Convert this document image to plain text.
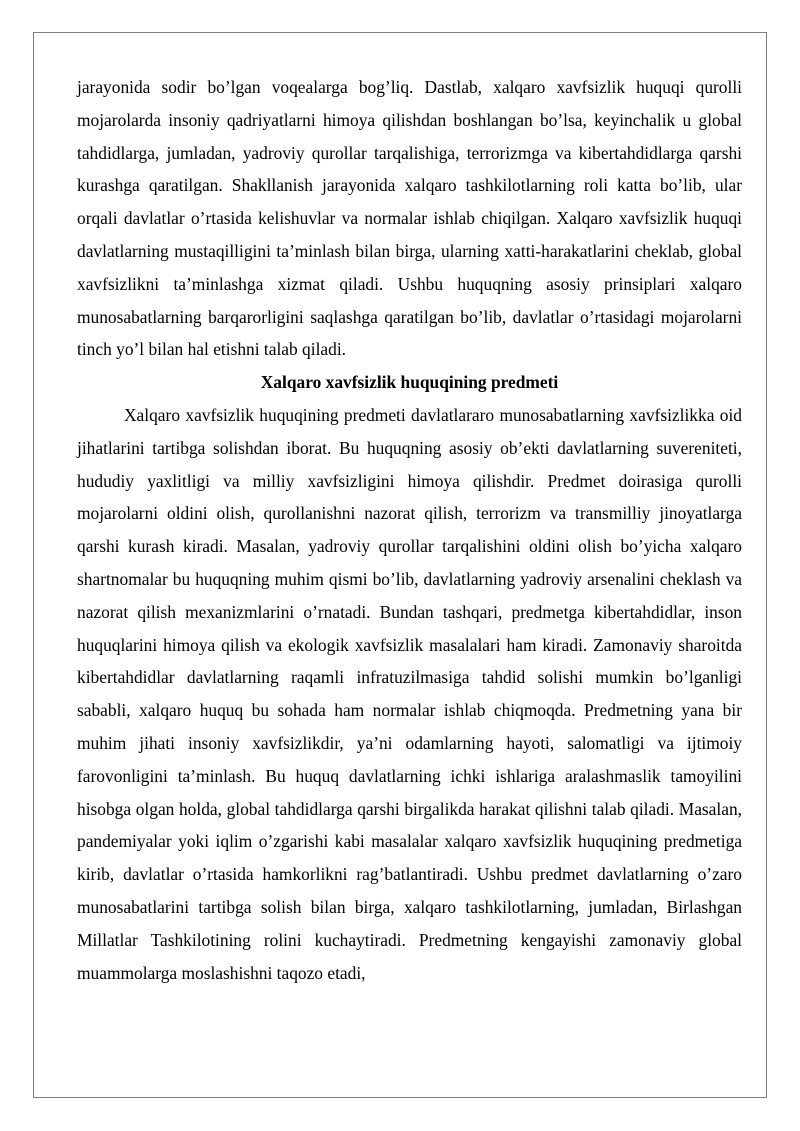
jarayonida sodir bo’lgan voqealarga bog’liq. Dastlab, xalqaro xavfsizlik huquqi qurolli mojarolarda insoniy qadriyatlarni himoya qilishdan boshlangan bo’lsa, keyinchalik u global tahdidlarga, jumladan, yadroviy qurollar tarqalishiga, terrorizmga va kibertahdidlarga qarshi kurashga qaratilgan. Shakllanish jarayonida xalqaro tashkilotlarning roli katta bo’lib, ular orqali davlatlar o’rtasida kelishuvlar va normalar ishlab chiqilgan. Xalqaro xavfsizlik huquqi davlatlarning mustaqilligini ta’minlash bilan birga, ularning xatti-harakatlarini cheklab, global xavfsizlikni ta’minlashga xizmat qiladi. Ushbu huquqning asosiy prinsiplari xalqaro munosabatlarning barqarorligini saqlashga qaratilgan bo’lib, davlatlar o’rtasidagi mojarolarni tinch yo’l bilan hal etishni talab qiladi.

Xalqaro xavfsizlik huquqining predmeti

Xalqaro xavfsizlik huquqining predmeti davlatlararo munosabatlarning xavfsizlikka oid jihatlarini tartibga solishdan iborat. Bu huquqning asosiy ob’ekti davlatlarning suvereniteti, hududiy yaxlitligi va milliy xavfsizligini himoya qilishdir. Predmet doirasiga qurolli mojarolarni oldini olish, qurollanishni nazorat qilish, terrorizm va transmilliy jinoyatlarga qarshi kurash kiradi. Masalan, yadroviy qurollar tarqalishini oldini olish bo’yicha xalqaro shartnomalar bu huquqning muhim qismi bo’lib, davlatlarning yadroviy arsenalini cheklash va nazorat qilish mexanizmlarini o’rnatadi. Bundan tashqari, predmetga kibertahdidlar, inson huquqlarini himoya qilish va ekologik xavfsizlik masalalari ham kiradi. Zamonaviy sharoitda kibertahdidlar davlatlarning raqamli infratuzilmasiga tahdid solishi mumkin bo’lganligi sababli, xalqaro huquq bu sohada ham normalar ishlab chiqmoqda. Predmetning yana bir muhim jihati insoniy xavfsizlikdir, ya’ni odamlarning hayoti, salomatligi va ijtimoiy farovonligini ta’minlash. Bu huquq davlatlarning ichki ishlariga aralashmaslik tamoyilini hisobga olgan holda, global tahdidlarga qarshi birgalikda harakat qilishni talab qiladi. Masalan, pandemiyalar yoki iqlim o’zgarishi kabi masalalar xalqaro xavfsizlik huquqining predmetiga kirib, davlatlar o’rtasida hamkorlikni rag’batlantiradi. Ushbu predmet davlatlarning o’zaro munosabatlarini tartibga solish bilan birga, xalqaro tashkilotlarning, jumladan, Birlashgan Millatlar Tashkilotining rolini kuchaytiradi. Predmetning kengayishi zamonaviy global muammolarga moslashishni taqozo etadi,
